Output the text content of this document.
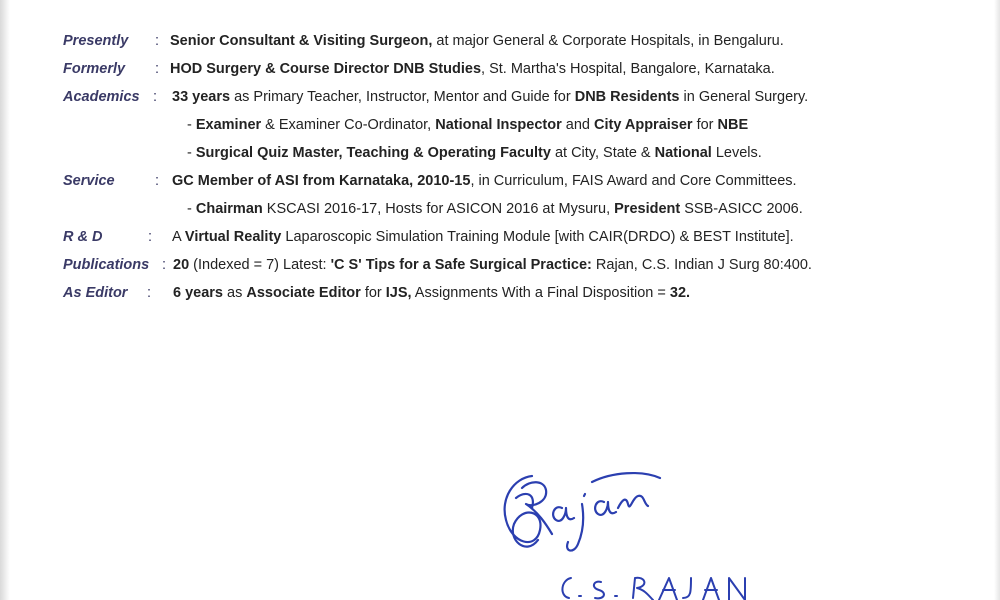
Presently : Senior Consultant & Visiting Surgeon, at major General & Corporate Hospitals, in Bengaluru.
Formerly : HOD Surgery & Course Director DNB Studies, St. Martha's Hospital, Bangalore, Karnataka.
Academics : 33 years as Primary Teacher, Instructor, Mentor and Guide for DNB Residents in General Surgery.
- Examiner & Examiner Co-Ordinator, National Inspector and City Appraiser for NBE
- Surgical Quiz Master, Teaching & Operating Faculty at City, State & National Levels.
Service	: GC Member of ASI from Karnataka, 2010-15, in Curriculum, FAIS Award and Core Committees.
- Chairman KSCASI 2016-17, Hosts for ASICON 2016 at Mysuru, President SSB-ASICC 2006.
R & D	: A Virtual Reality Laparoscopic Simulation Training Module [with CAIR(DRDO) & BEST Institute].
Publications : 20 (Indexed = 7) Latest: 'C S' Tips for a Safe Surgical Practice: Rajan, C.S. Indian J Surg 80:400.
As Editor : 6 years as Associate Editor for IJS, Assignments With a Final Disposition = 32.
